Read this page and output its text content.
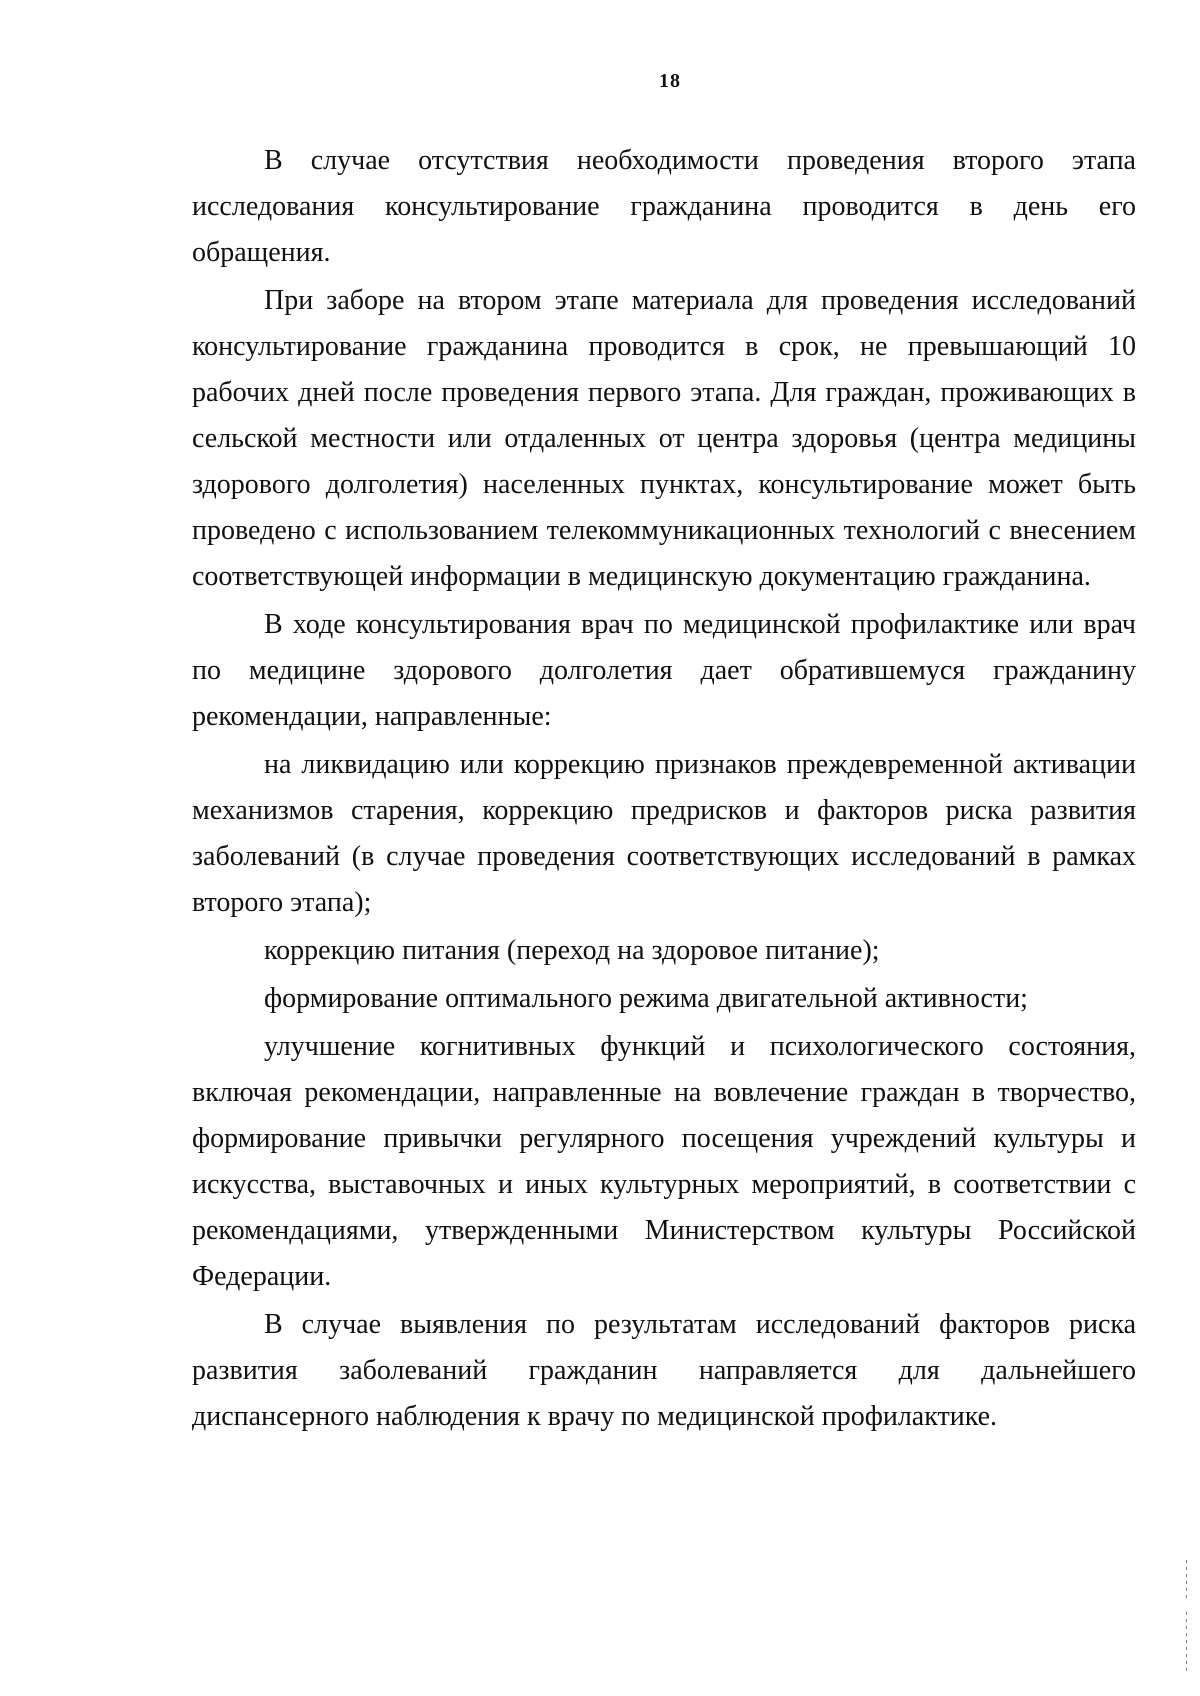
18

В случае отсутствия необходимости проведения второго этапа исследования консультирование гражданина проводится в день его обращения.

При заборе на втором этапе материала для проведения исследований консультирование гражданина проводится в срок, не превышающий 10 рабочих дней после проведения первого этапа. Для граждан, проживающих в сельской местности или отдаленных от центра здоровья (центра медицины здорового долголетия) населенных пунктах, консультирование может быть проведено с использованием телекоммуникационных технологий с внесением соответствующей информации в медицинскую документацию гражданина.

В ходе консультирования врач по медицинской профилактике или врач по медицине здорового долголетия дает обратившемуся гражданину рекомендации, направленные:

на ликвидацию или коррекцию признаков преждевременной активации механизмов старения, коррекцию предрисков и факторов риска развития заболеваний (в случае проведения соответствующих исследований в рамках второго этапа);

коррекцию питания (переход на здоровое питание);

формирование оптимального режима двигательной активности;

улучшение когнитивных функций и психологического состояния, включая рекомендации, направленные на вовлечение граждан в творчество, формирование привычки регулярного посещения учреждений культуры и искусства, выставочных и иных культурных мероприятий, в соответствии с рекомендациями, утвержденными Министерством культуры Российской Федерации.

В случае выявления по результатам исследований факторов риска развития заболеваний гражданин направляется для дальнейшего диспансерного наблюдения к врачу по медицинской профилактике.
